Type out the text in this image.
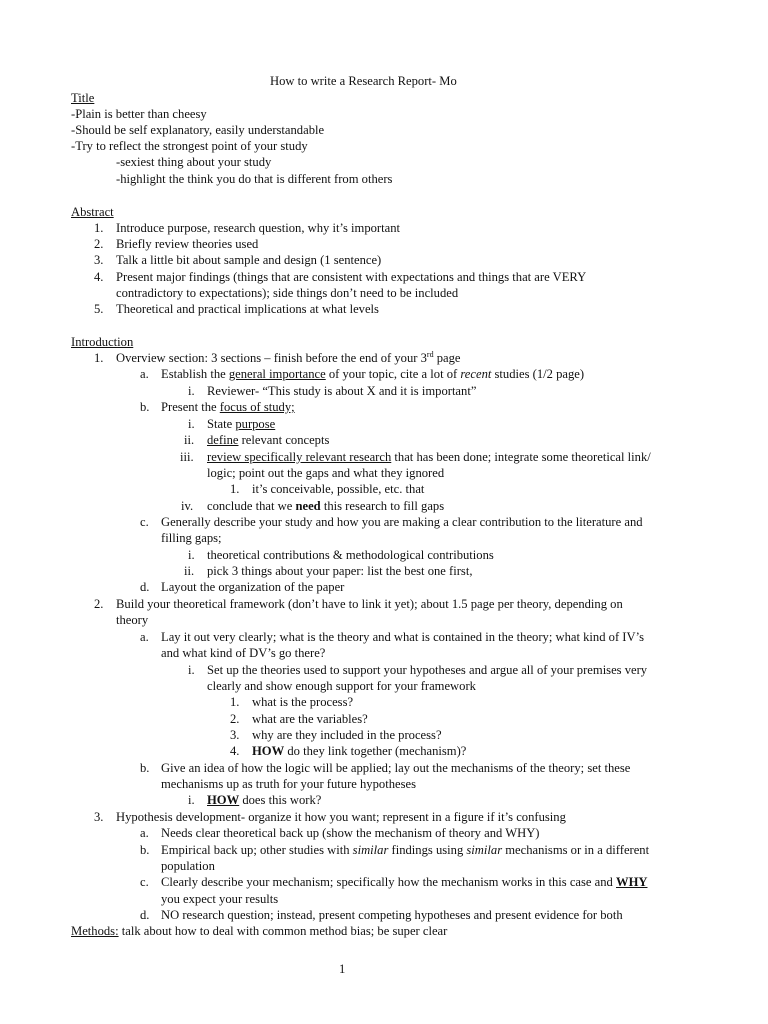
How to write a Research Report- Mo
Title
-Plain is better than cheesy
-Should be self explanatory, easily understandable
-Try to reflect the strongest point of your study
-sexiest thing about your study
-highlight the think you do that is different from others
Abstract
1. Introduce purpose, research question, why it’s important
2. Briefly review theories used
3. Talk a little bit about sample and design (1 sentence)
4. Present major findings (things that are consistent with expectations and things that are VERY
contradictory to expectations); side things don’t need to be included
5. Theoretical and practical implications at what levels
Introduction
1. Overview section: 3 sections – finish before the end of your 3rd page
a. Establish the general importance of your topic, cite a lot of recent studies (1/2 page)
i. Reviewer- “This study is about X and it is important”
b. Present the focus of study;
i. State purpose
ii. define relevant concepts
iii. review specifically relevant research that has been done; integrate some theoretical link/
logic; point out the gaps and what they ignored
1. it’s conceivable, possible, etc. that
iv. conclude that we need this research to fill gaps
c. Generally describe your study and how you are making a clear contribution to the literature and
filling gaps;
i. theoretical contributions & methodological contributions
ii. pick 3 things about your paper: list the best one first,
d. Layout the organization of the paper
2. Build your theoretical framework (don’t have to link it yet); about 1.5 page per theory, depending on
theory
a. Lay it out very clearly; what is the theory and what is contained in the theory; what kind of IV’s
and what kind of DV’s go there?
i. Set up the theories used to support your hypotheses and argue all of your premises very
clearly and show enough support for your framework
1. what is the process?
2. what are the variables?
3. why are they included in the process?
4. HOW do they link together (mechanism)?
b. Give an idea of how the logic will be applied; lay out the mechanisms of the theory; set these
mechanisms up as truth for your future hypotheses
i. HOW does this work?
3. Hypothesis development- organize it how you want; represent in a figure if it’s confusing
a. Needs clear theoretical back up (show the mechanism of theory and WHY)
b. Empirical back up; other studies with similar findings using similar mechanisms or in a different
population
c. Clearly describe your mechanism; specifically how the mechanism works in this case and WHY
you expect your results
d. NO research question; instead, present competing hypotheses and present evidence for both
Methods: talk about how to deal with common method bias; be super clear
1
